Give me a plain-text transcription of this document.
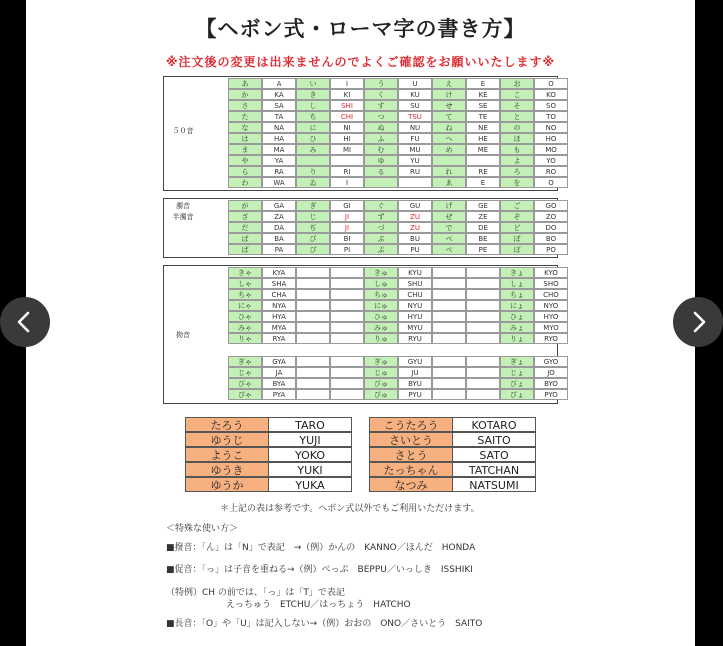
【ヘボン式・ローマ字の書き方】
※注文後の変更は出来ませんのでよくご確認をお願いいたします※
５０音
濁音
半濁音
拗音
＊上記の表は参考です。ヘボン式以外でもご利用いただけます。
＜特殊な使い方＞
■撥音：「ん」は「N」で表記　→（例）かんの　KANNO／ほんだ　HONDA
■促音：「っ」は子音を重ねる→（例）べっぷ　BEPPU／いっしき　ISSHIKI
（特例）CH の前では、「っ」は「T」で表記
えっちゅう　ETCHU／はっちょう　HATCHO
■長音：「O」や「U」は記入しない→（例）おおの　ONO／さいとう　SAITO
あ	A	い	I	う	U	え	E	お	O
か	KA	き	KI	く	KU	け	KE	こ	KO
さ	SA	し	SHI	す	SU	せ	SE	そ	SO
た	TA	ち	CHI	つ	TSU	て	TE	と	TO
な	NA	に	NI	ぬ	NU	ね	NE	の	NO
は	HA	ひ	HI	ふ	FU	へ	HE	ほ	HO
ま	MA	み	MI	む	MU	め	ME	も	MO
や	YA	ゆ	YU	よ	YO
ら	RA	り	RI	る	RU	れ	RE	ろ	RO
わ	WA	ゐ	I	ゑ	E	を	O
が	GA	ぎ	GI	ぐ	GU	げ	GE	ご	GO
ざ	ZA	じ	JI	ず	ZU	ぜ	ZE	ぞ	ZO
だ	DA	ぢ	JI	づ	ZU	で	DE	ど	DO
ば	BA	び	BI	ぶ	BU	べ	BE	ぼ	BO
ぱ	PA	ぴ	PI	ぷ	PU	ぺ	PE	ぽ	PO
きゃ	KYA	きゅ	KYU	きょ	KYO
しゃ	SHA	しゅ	SHU	しょ	SHO
ちゃ	CHA	ちゅ	CHU	ちょ	CHO
にゃ	NYA	にゅ	NYU	にょ	NYO
ひゃ	HYA	ひゅ	HYU	ひょ	HYO
みゃ	MYA	みゅ	MYU	みょ	MYO
りゃ	RYA	りゅ	RYU	りょ	RYO
ぎゃ	GYA	ぎゅ	GYU	ぎょ	GYO
じゃ	JA	じゅ	JU	じょ	JO
びゃ	BYA	びゅ	BYU	びょ	BYO
ぴゃ	PYA	ぴゅ	PYU	ぴょ	PYO
たろう	TARO
ゆうじ	YUJI
ようこ	YOKO
ゆうき	YUKI
ゆうか	YUKA
こうたろう	KOTARO
さいとう	SAITO
さとう	SATO
たっちゃん	TATCHAN
なつみ	NATSUMI
